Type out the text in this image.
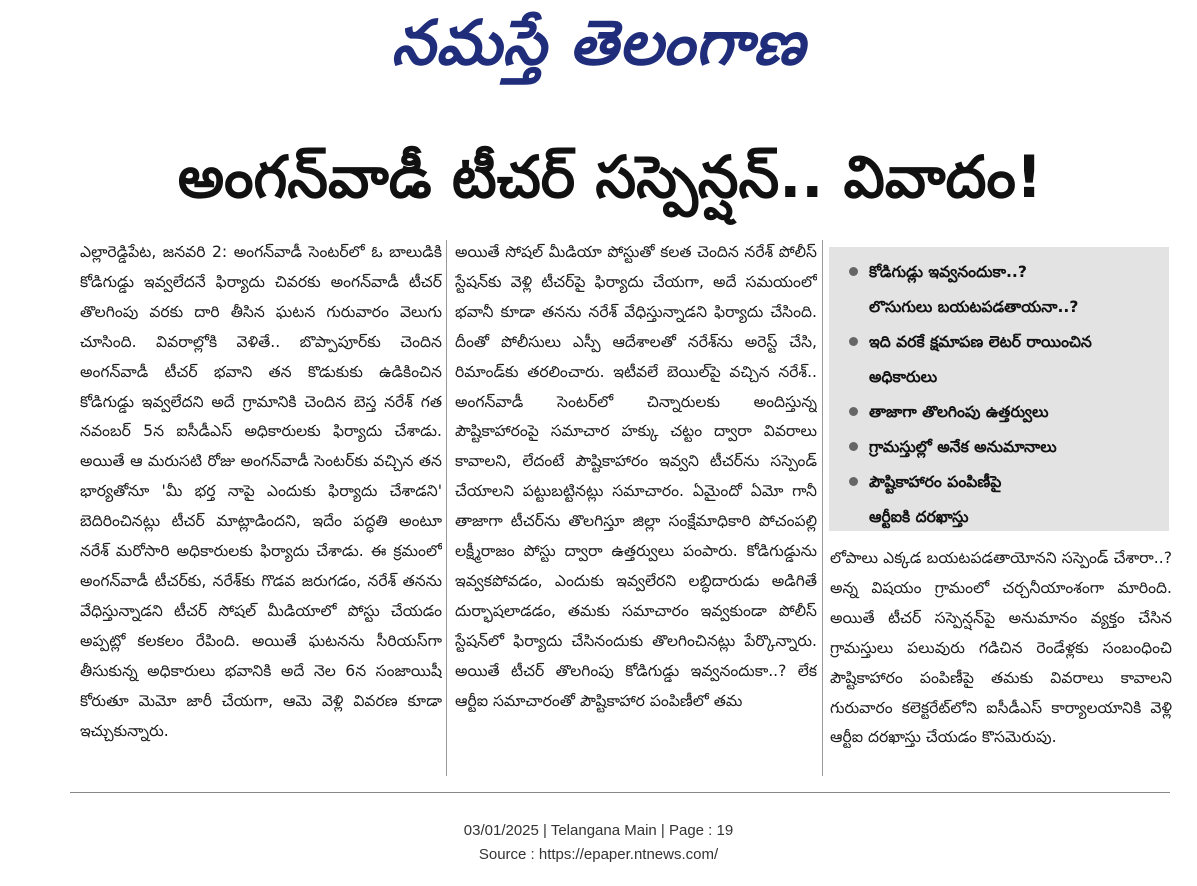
నమస్తే తెలంగాణ
అంగన్‌వాడీ టీచర్ సస్పెన్షన్.. వివాదం!
ఎల్లారెడ్డిపేట, జనవరి 2: అంగన్‌వాడీ సెంటర్‌లో ఓ బాలుడికి కోడిగుడ్డు ఇవ్వలేదనే ఫిర్యాదు చివరకు అంగన్‌వాడీ టీచర్ తొలగింపు వరకు దారి తీసిన ఘటన గురువారం వెలుగు చూసింది. వివరాల్లోకి వెళితే.. బొప్పాపూర్‌కు చెందిన అంగన్‌వాడీ టీచర్ భవాని తన కొడుకుకు ఉడికించిన కోడిగుడ్డు ఇవ్వలేదని అదే గ్రామానికి చెందిన బెస్త నరేశ్ గత నవంబర్ 5న ఐసీడీఎస్ అధికారులకు ఫిర్యాదు చేశాడు. అయితే ఆ మరుసటి రోజు అంగన్‌వాడీ సెంటర్‌కు వచ్చిన తన భార్యతోనూ 'మీ భర్త నాపై ఎందుకు ఫిర్యాదు చేశాడని' బెదిరించినట్లు టీచర్ మాట్లాడిందని, ఇదేం పద్ధతి అంటూ నరేశ్ మరోసారి అధికారులకు ఫిర్యాదు చేశాడు. ఈ క్రమంలో అంగన్‌వాడీ టీచర్‌కు, నరేశ్‌కు గొడవ జరుగడం, నరేశ్ తనను వేధిస్తున్నాడని టీచర్ సోషల్ మీడియాలో పోస్టు చేయడం అప్పట్లో కలకలం రేపింది. అయితే ఘటనను సీరియస్‌గా తీసుకున్న అధికారులు భవానికి అదే నెల 6న సంజాయిషీ కోరుతూ మెమో జారీ చేయగా, ఆమె వెళ్లి వివరణ కూడా ఇచ్చుకున్నారు.
అయితే సోషల్ మీడియా పోస్టుతో కలత చెందిన నరేశ్ పోలీస్ స్టేషన్‌కు వెళ్లి టీచర్‌పై ఫిర్యాదు చేయగా, అదే సమయంలో భవానీ కూడా తనను నరేశ్ వేధిస్తున్నాడని ఫిర్యాదు చేసింది. దీంతో పోలీసులు ఎస్పీ ఆదేశాలతో నరేశ్‌ను అరెస్ట్ చేసి, రిమాండ్‌కు తరలించారు. ఇటీవలే బెయిల్‌పై వచ్చిన నరేశ్.. అంగన్‌వాడీ సెంటర్‌లో చిన్నారులకు అందిస్తున్న పౌష్టికాహారంపై సమాచార హక్కు చట్టం ద్వారా వివరాలు కావాలని, లేదంటే పౌష్టికాహారం ఇవ్వని టీచర్‌ను సస్పెండ్ చేయాలని పట్టుబట్టినట్లు సమాచారం. ఏమైందో ఏమో గానీ తాజాగా టీచర్‌ను తొలగిస్తూ జిల్లా సంక్షేమాధికారి పోచంపల్లి లక్ష్మీరాజం పోస్టు ద్వారా ఉత్తర్వులు పంపారు. కోడిగుడ్డును ఇవ్వకపోవడం, ఎందుకు ఇవ్వలేరని లబ్ధిదారుడు అడిగితే దుర్భాషలాడడం, తమకు సమాచారం ఇవ్వకుండా పోలీస్ స్టేషన్‌లో ఫిర్యాదు చేసినందుకు తొలగించినట్లు పేర్కొన్నారు. అయితే టీచర్ తొలగింపు కోడిగుడ్డు ఇవ్వనందుకా..? లేక ఆర్టీఐ సమాచారంతో పౌష్టికాహార పంపిణీలో తమ
కోడిగుడ్లు ఇవ్వనందుకా..?
లొసుగులు బయటపడతాయనా..?
ఇది వరకే క్షమాపణ లెటర్ రాయించిన
అధికారులు
తాజాగా తొలగింపు ఉత్తర్వులు
గ్రామస్తుల్లో అనేక అనుమానాలు
పౌష్టికాహారం పంపిణీపై
ఆర్టీఐకి దరఖాస్తు
లోపాలు ఎక్కడ బయటపడతాయోనని సస్పెండ్ చేశారా..? అన్న విషయం గ్రామంలో చర్చనీయాంశంగా మారింది. అయితే టీచర్ సస్పెన్షన్‌పై అనుమానం వ్యక్తం చేసిన గ్రామస్తులు పలువురు గడిచిన రెండేళ్లకు సంబంధించి పౌష్టికాహారం పంపిణీపై తమకు వివరాలు కావాలని గురువారం కలెక్టరేట్‌లోని ఐసీడీఎస్ కార్యాలయానికి వెళ్లి ఆర్టీఐ దరఖాస్తు చేయడం కొసమెరుపు.
03/01/2025 | Telangana Main | Page : 19
Source : https://epaper.ntnews.com/
